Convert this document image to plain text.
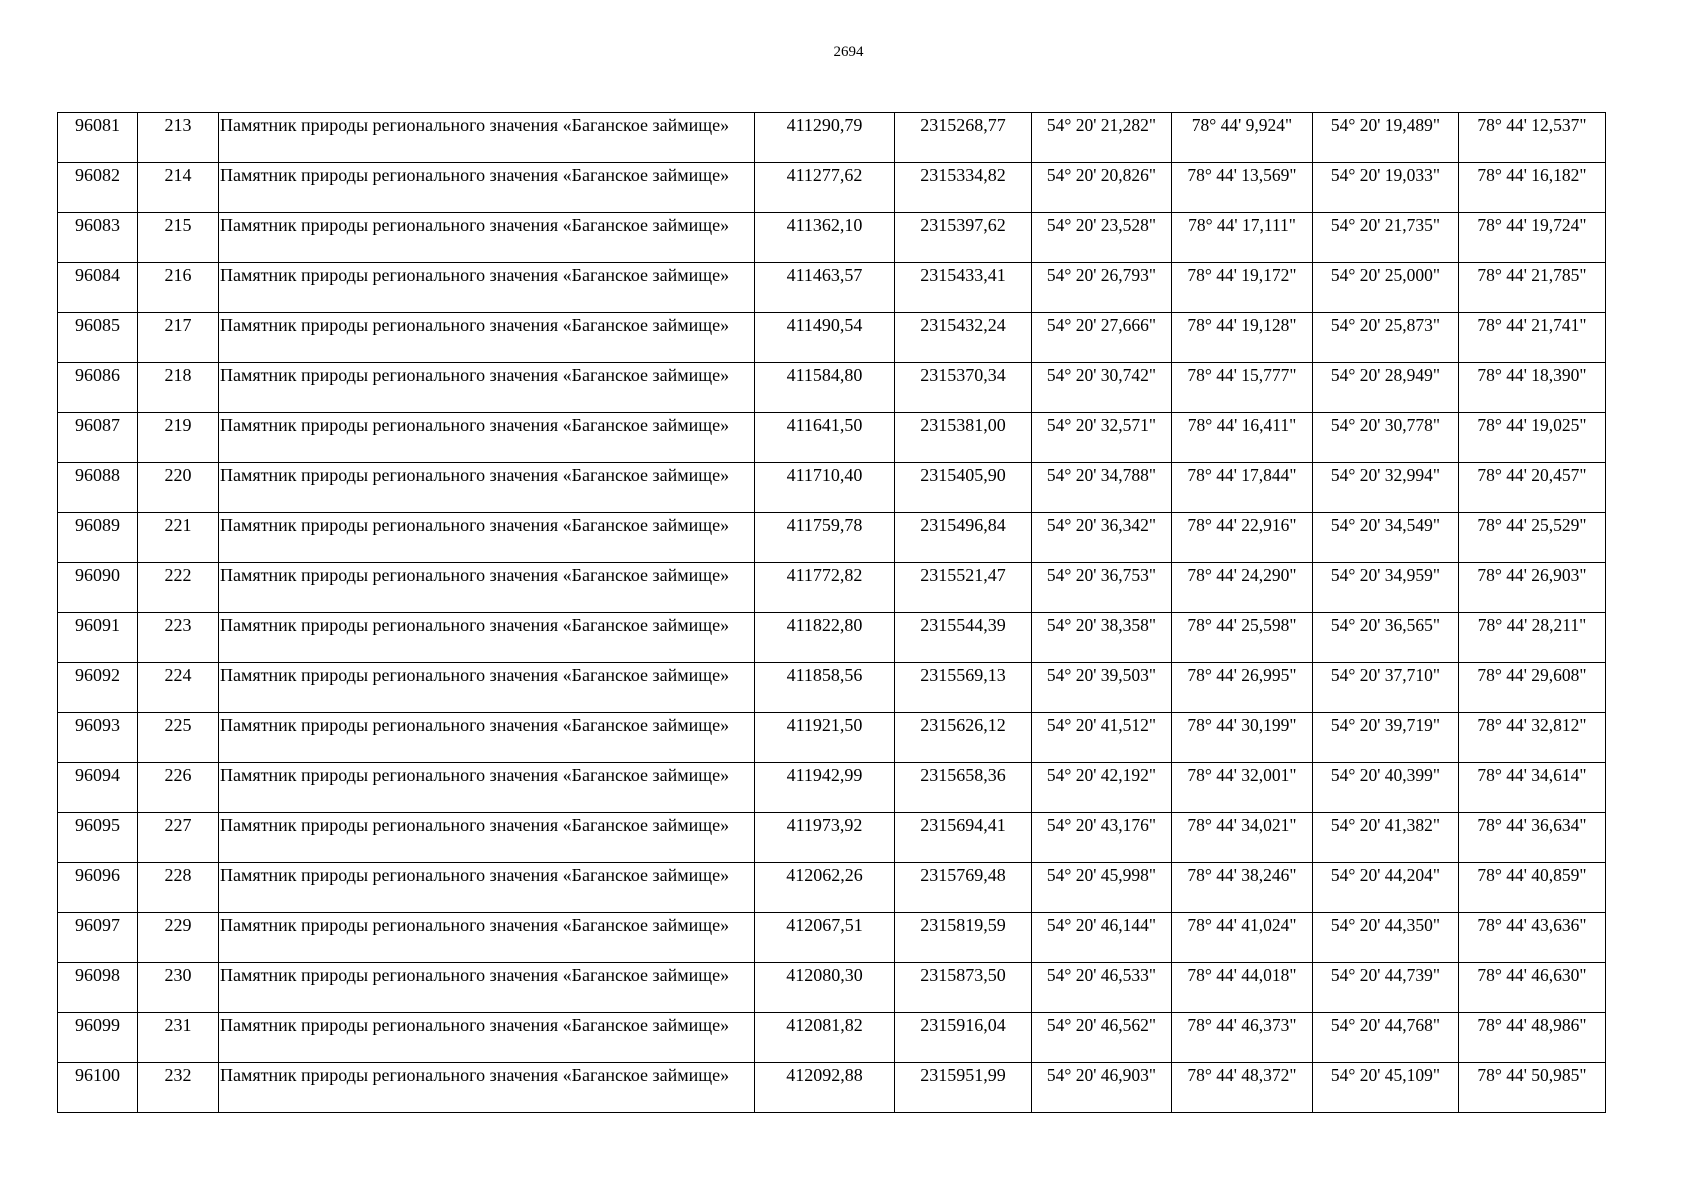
2694
96081	213	Памятник природы регионального значения «Баганское займище»	411290,79	2315268,77	54° 20' 21,282"	78° 44' 9,924"	54° 20' 19,489"	78° 44' 12,537"
96082	214	Памятник природы регионального значения «Баганское займище»	411277,62	2315334,82	54° 20' 20,826"	78° 44' 13,569"	54° 20' 19,033"	78° 44' 16,182"
96083	215	Памятник природы регионального значения «Баганское займище»	411362,10	2315397,62	54° 20' 23,528"	78° 44' 17,111"	54° 20' 21,735"	78° 44' 19,724"
96084	216	Памятник природы регионального значения «Баганское займище»	411463,57	2315433,41	54° 20' 26,793"	78° 44' 19,172"	54° 20' 25,000"	78° 44' 21,785"
96085	217	Памятник природы регионального значения «Баганское займище»	411490,54	2315432,24	54° 20' 27,666"	78° 44' 19,128"	54° 20' 25,873"	78° 44' 21,741"
96086	218	Памятник природы регионального значения «Баганское займище»	411584,80	2315370,34	54° 20' 30,742"	78° 44' 15,777"	54° 20' 28,949"	78° 44' 18,390"
96087	219	Памятник природы регионального значения «Баганское займище»	411641,50	2315381,00	54° 20' 32,571"	78° 44' 16,411"	54° 20' 30,778"	78° 44' 19,025"
96088	220	Памятник природы регионального значения «Баганское займище»	411710,40	2315405,90	54° 20' 34,788"	78° 44' 17,844"	54° 20' 32,994"	78° 44' 20,457"
96089	221	Памятник природы регионального значения «Баганское займище»	411759,78	2315496,84	54° 20' 36,342"	78° 44' 22,916"	54° 20' 34,549"	78° 44' 25,529"
96090	222	Памятник природы регионального значения «Баганское займище»	411772,82	2315521,47	54° 20' 36,753"	78° 44' 24,290"	54° 20' 34,959"	78° 44' 26,903"
96091	223	Памятник природы регионального значения «Баганское займище»	411822,80	2315544,39	54° 20' 38,358"	78° 44' 25,598"	54° 20' 36,565"	78° 44' 28,211"
96092	224	Памятник природы регионального значения «Баганское займище»	411858,56	2315569,13	54° 20' 39,503"	78° 44' 26,995"	54° 20' 37,710"	78° 44' 29,608"
96093	225	Памятник природы регионального значения «Баганское займище»	411921,50	2315626,12	54° 20' 41,512"	78° 44' 30,199"	54° 20' 39,719"	78° 44' 32,812"
96094	226	Памятник природы регионального значения «Баганское займище»	411942,99	2315658,36	54° 20' 42,192"	78° 44' 32,001"	54° 20' 40,399"	78° 44' 34,614"
96095	227	Памятник природы регионального значения «Баганское займище»	411973,92	2315694,41	54° 20' 43,176"	78° 44' 34,021"	54° 20' 41,382"	78° 44' 36,634"
96096	228	Памятник природы регионального значения «Баганское займище»	412062,26	2315769,48	54° 20' 45,998"	78° 44' 38,246"	54° 20' 44,204"	78° 44' 40,859"
96097	229	Памятник природы регионального значения «Баганское займище»	412067,51	2315819,59	54° 20' 46,144"	78° 44' 41,024"	54° 20' 44,350"	78° 44' 43,636"
96098	230	Памятник природы регионального значения «Баганское займище»	412080,30	2315873,50	54° 20' 46,533"	78° 44' 44,018"	54° 20' 44,739"	78° 44' 46,630"
96099	231	Памятник природы регионального значения «Баганское займище»	412081,82	2315916,04	54° 20' 46,562"	78° 44' 46,373"	54° 20' 44,768"	78° 44' 48,986"
96100	232	Памятник природы регионального значения «Баганское займище»	412092,88	2315951,99	54° 20' 46,903"	78° 44' 48,372"	54° 20' 45,109"	78° 44' 50,985"
